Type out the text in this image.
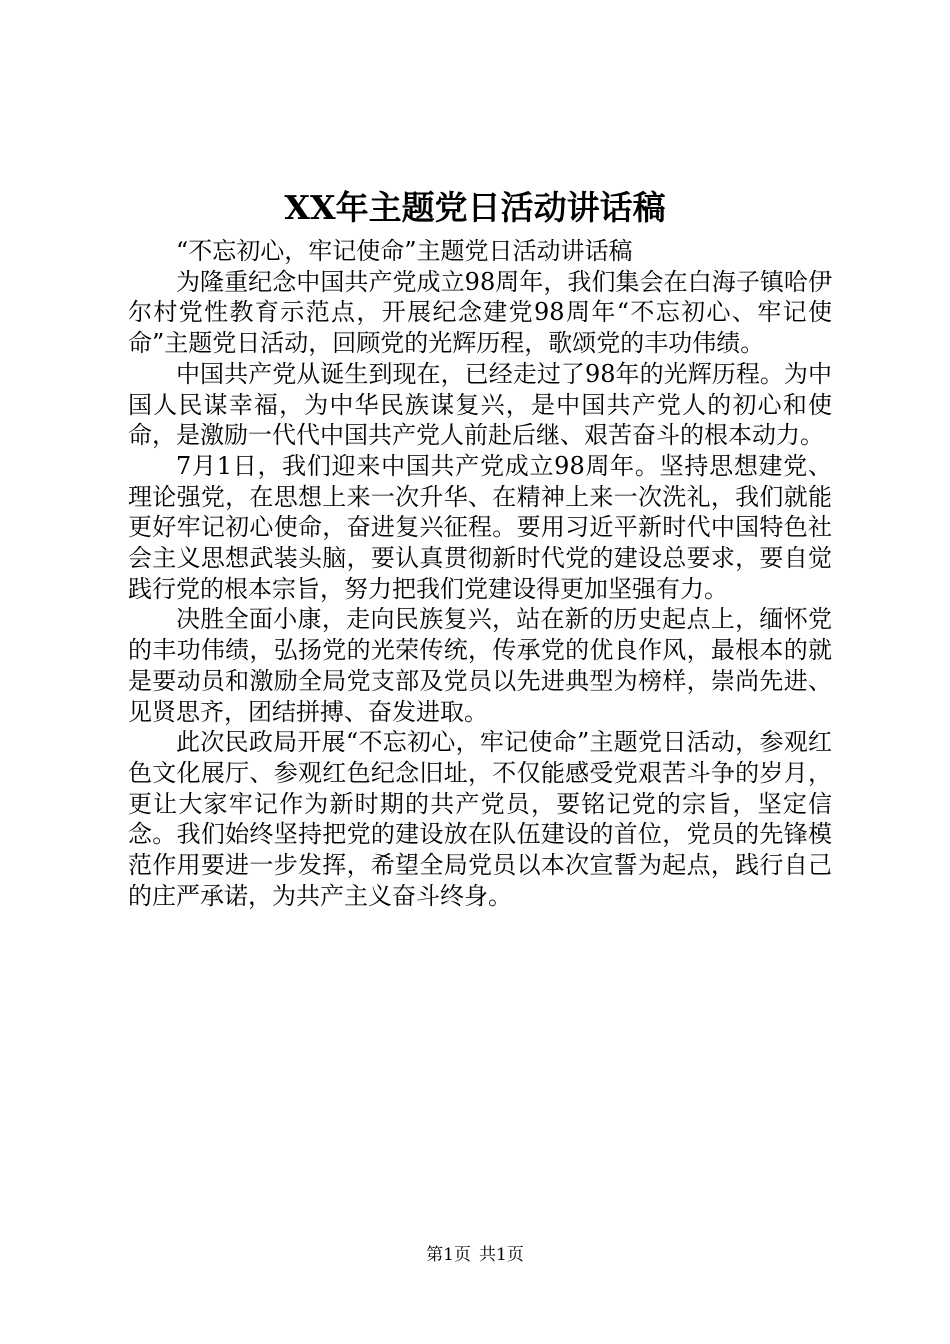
XX年主题党日活动讲话稿

“不忘初心，牢记使命”主题党日活动讲话稿

为隆重纪念中国共产党成立98周年，我们集会在白海子镇哈伊尔村党性教育示范点，开展纪念建党98周年“不忘初心、牢记使命”主题党日活动，回顾党的光辉历程，歌颂党的丰功伟绩。

中国共产党从诞生到现在，已经走过了98年的光辉历程。为中国人民谋幸福，为中华民族谋复兴，是中国共产党人的初心和使命，是激励一代代中国共产党人前赴后继、艰苦奋斗的根本动力。

7月1日，我们迎来中国共产党成立98周年。坚持思想建党、理论强党，在思想上来一次升华、在精神上来一次洗礼，我们就能更好牢记初心使命，奋进复兴征程。要用习近平新时代中国特色社会主义思想武装头脑，要认真贯彻新时代党的建设总要求，要自觉践行党的根本宗旨，努力把我们党建设得更加坚强有力。

决胜全面小康，走向民族复兴，站在新的历史起点上，缅怀党的丰功伟绩，弘扬党的光荣传统，传承党的优良作风，最根本的就是要动员和激励全局党支部及党员以先进典型为榜样，崇尚先进、见贤思齐，团结拼搏、奋发进取。

此次民政局开展“不忘初心，牢记使命”主题党日活动，参观红色文化展厅、参观红色纪念旧址，不仅能感受党艰苦斗争的岁月，更让大家牢记作为新时期的共产党员，要铭记党的宗旨，坚定信念。我们始终坚持把党的建设放在队伍建设的首位，党员的先锋模范作用要进一步发挥，希望全局党员以本次宣誓为起点，践行自己的庄严承诺，为共产主义奋斗终身。

第1页 共1页
